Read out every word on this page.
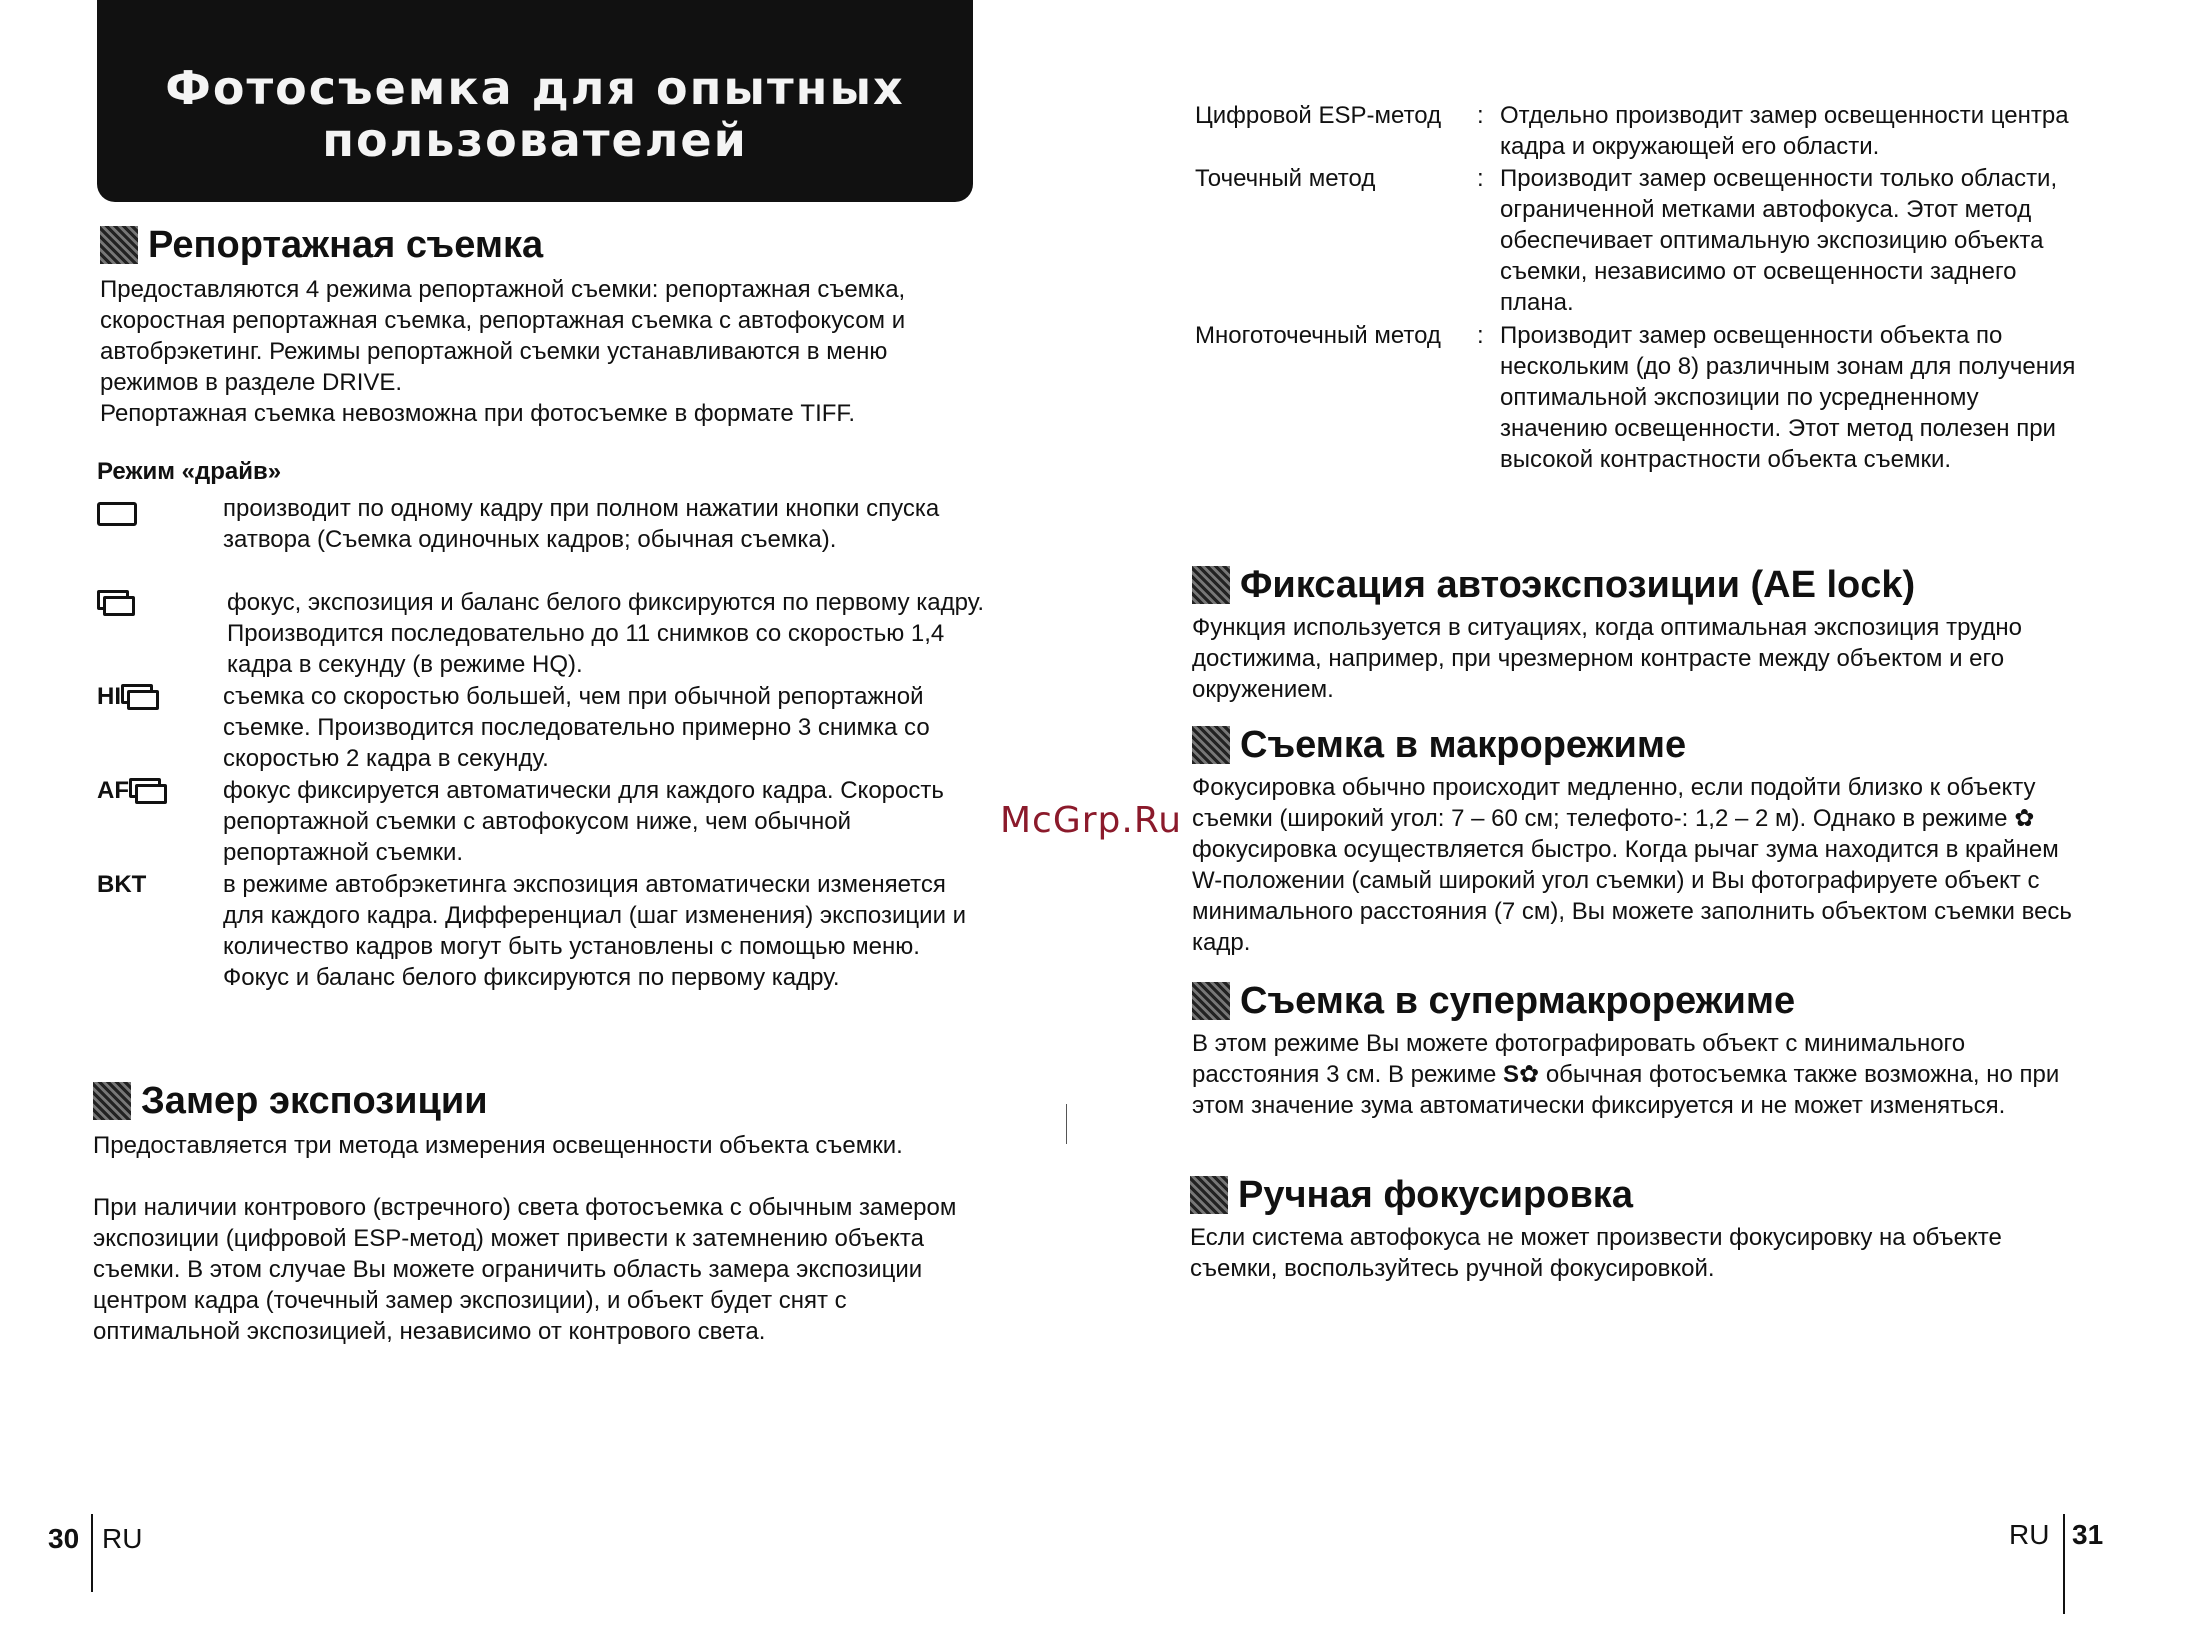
Фотосъемка для опытных
пользователей
Репортажная съемка

Предоставляются 4 режима репортажной съемки: репортажная съемка, скоростная репортажная съемка, репортажная съемка с автофокусом и автобрэкетинг. Режимы репортажной съемки устанавливаются в меню режимов в разделе DRIVE.

Репортажная съемка невозможна при фотосъемке в формате TIFF.

Режим «драйв»
производит по одному кадру при полном нажатии кнопки спуска затвора (Съемка одиночных кадров; обычная съемка).
фокус, экспозиция и баланс белого фиксируются по первому кадру. Производится последовательно до 11 снимков со скоростью 1,4 кадра в секунду (в режиме HQ).
HI	съемка со скоростью большей, чем при обычной репортажной съемке. Производится последовательно примерно 3 снимка со скоростью 2 кадра в секунду.
AF	фокус фиксируется автоматически для каждого кадра. Скорость репортажной съемки с автофокусом ниже, чем обычной репортажной съемки.
BKT	в режиме автобрэкетинга экспозиция автоматически изменяется для каждого кадра. Дифференциал (шаг изменения) экспозиции и количество кадров могут быть установлены с помощью меню. Фокус и баланс белого фиксируются по первому кадру.
Замер экспозиции

Предоставляется три метода измерения освещенности объекта съемки.

При наличии контрового (встречного) света фотосъемка с обычным замером экспозиции (цифровой ESP-метод) может привести к затемнению объекта съемки. В этом случае Вы можете ограничить область замера экспозиции центром кадра (точечный замер экспозиции), и объект будет снят с оптимальной экспозицией, независимо от контрового света.

Цифровой ESP-метод : Отдельно производит замер освещенности центра кадра и окружающей его области.
Точечный метод	: Производит замер освещенности только области, ограниченной метками автофокуса. Этот метод обеспечивает оптимальную экспозицию объекта съемки, независимо от освещенности заднего плана.
Многоточечный метод : Производит замер освещенности объекта по нескольким (до 8) различным зонам для получения оптимальной экспозиции по усредненному значению освещенности. Этот метод полезен при высокой контрастности объекта съемки.
Фиксация автоэкспозиции (AE lock)

Функция используется в ситуациях, когда оптимальная экспозиция трудно достижима, например, при чрезмерном контрасте между объектом и его окружением.

Съемка в макрорежиме

Фокусировка обычно происходит медленно, если подойти близко к объекту съемки (широкий угол: 7 – 60 см; телефото-: 1,2 – 2 м). Однако в режиме ✿ фокусировка осуществляется быстро. Когда рычаг зума находится в крайнем W-положении (самый широкий угол съемки) и Вы фотографируете объект с минимального расстояния (7 см), Вы можете заполнить объектом съемки весь кадр.

Съемка в супермакрорежиме

В этом режиме Вы можете фотографировать объект с минимального расстояния 3 см. В режиме S✿ обычная фотосъемка также возможна, но при этом значение зума автоматически фиксируется и не может изменяться.

Ручная фокусировка

Если система автофокуса не может произвести фокусировку на объекте съемки, воспользуйтесь ручной фокусировкой.

McGrp.Ru
30 RU	RU 31
